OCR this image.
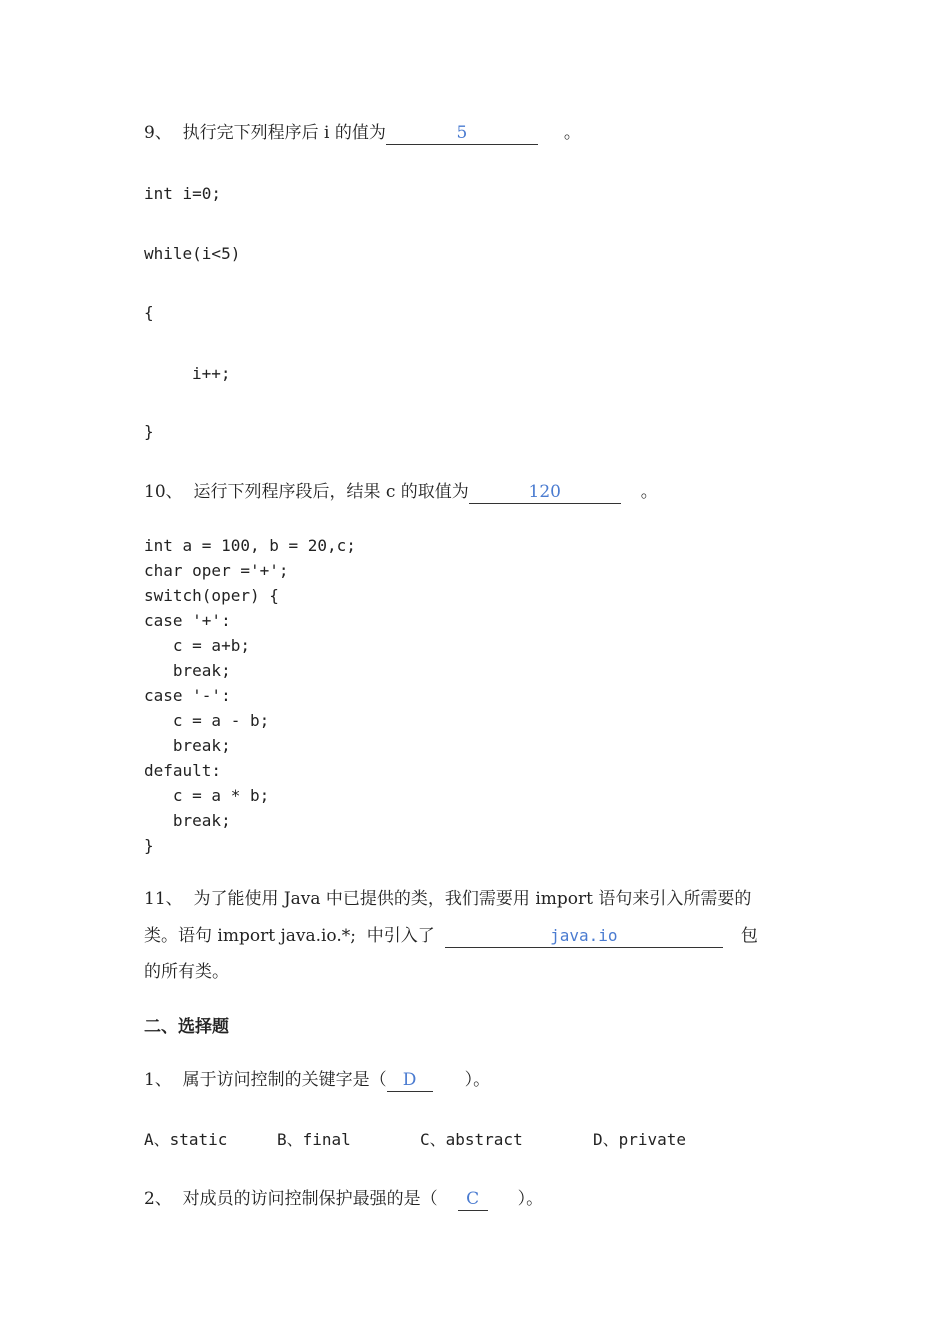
9、  执行完下列程序后 i 的值为	5	。
int i=0;
while(i<5)
{
i++;
}
10、  运行下列程序段后，结果 c 的取值为	120	。
int a = 100, b = 20,c;
char oper ='+';
switch(oper) {
case '+':
c = a+b;
break;
case '-':
c = a - b;
break;
default:
c = a * b;
break;
}
11、  为了能使用 Java 中已提供的类，我们需要用 import 语句来引入所需要的
类。语句 import java.io.*;  中引入了	java.io	包
的所有类。
二、选择题
1、  属于访问控制的关键字是（ D	）。
A、static	B、final	C、abstract	D、private
2、  对成员的访问控制保护最强的是（ C ）。
